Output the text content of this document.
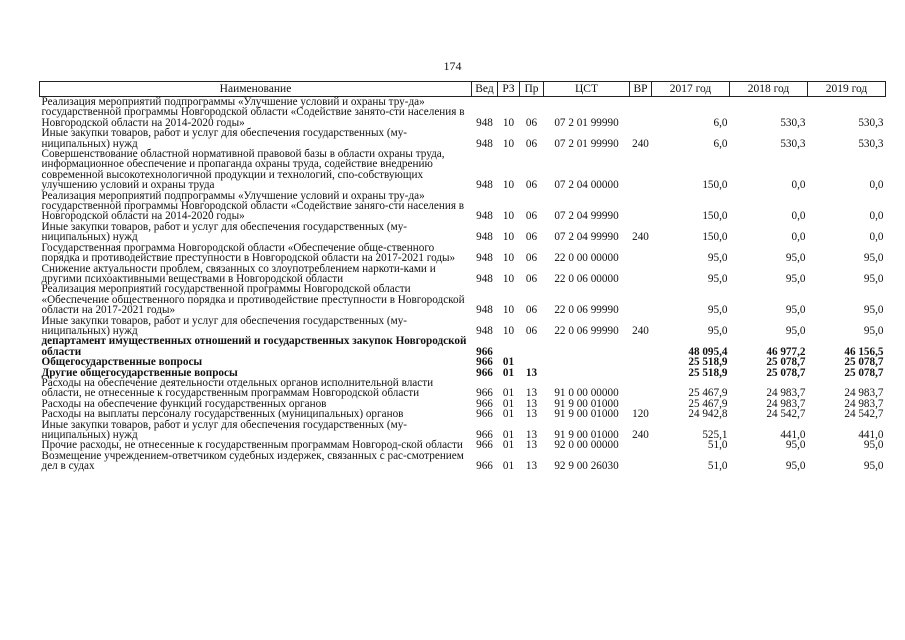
174
Наименование	Вед	РЗ	Пр	ЦСТ	ВР	2017 год	2018 год	2019 год
Реализация мероприятий подпрограммы «Улучшение условий и охраны тру-да» государственной программы Новгородской области «Содействие занято-сти населения в Новгородской области на 2014-2020 годы»	948	10	06	07 2 01 99990		6,0	530,3	530,3
Иные закупки товаров, работ и услуг для обеспечения государственных (му-ниципальных) нужд	948	10	06	07 2 01 99990	240	6,0	530,3	530,3
Совершенствование областной нормативной правовой базы в области охраны труда, информационное обеспечение и пропаганда охраны труда, содействие внедрению современной высокотехнологичной продукции и технологий, спо-собствующих улучшению условий и охраны труда	948	10	06	07 2 04 00000		150,0	0,0	0,0
Реализация мероприятий подпрограммы «Улучшение условий и охраны тру-да» государственной программы Новгородской области «Содействие заняго-сти населения в Новгородской области на 2014-2020 годы»	948	10	06	07 2 04 99990		150,0	0,0	0,0
Иные закупки товаров, работ и услуг для обеспечения государственных (му-ниципальных) нужд	948	10	06	07 2 04 99990	240	150,0	0,0	0,0
Государственная программа Новгородской области «Обеспечение обще-ственного порядка и противодействие преступности в Новгородской области на 2017-2021 годы»	948	10	06	22 0 00 00000		95,0	95,0	95,0
Снижение актуальности проблем, связанных со злоупотреблением наркоти-ками и другими психоактивными веществами в Новгородской области	948	10	06	22 0 06 00000		95,0	95,0	95,0
Реализация мероприятий государственной программы Новгородской области «Обеспечение общественного порядка и противодействие преступности в Новгородской области на 2017-2021 годы»	948	10	06	22 0 06 99990		95,0	95,0	95,0
Иные закупки товаров, работ и услуг для обеспечения государственных (му-ниципальных) нужд	948	10	06	22 0 06 99990	240	95,0	95,0	95,0
департамент имущественных отношений и государственных закупок Новгородской области	966					48 095,4	46 977,2	46 156,5
Общегосударственные вопросы	966	01				25 518,9	25 078,7	25 078,7
Другие общегосударственные вопросы	966	01	13			25 518,9	25 078,7	25 078,7
Расходы на обеспечение деятельности отдельных органов исполнительной власти области, не отнесенные к государственным программам Новгородской области	966	01	13	91 0 00 00000		25 467,9	24 983,7	24 983,7
Расходы на обеспечение функций государственных органов	966	01	13	91 9 00 01000		25 467,9	24 983,7	24 983,7
Расходы на выплаты персоналу государственных (муниципальных) органов	966	01	13	91 9 00 01000	120	24 942,8	24 542,7	24 542,7
Иные закупки товаров, работ и услуг для обеспечения государственных (му-ниципальных) нужд	966	01	13	91 9 00 01000	240	525,1	441,0	441,0
Прочие расходы, не отнесенные к государственным программам Новгород-ской области	966	01	13	92 0 00 00000		51,0	95,0	95,0
Возмещение учреждением-ответчиком судебных издержек, связанных с рас-смотрением дел в судах	966	01	13	92 9 00 26030		51,0	95,0	95,0
